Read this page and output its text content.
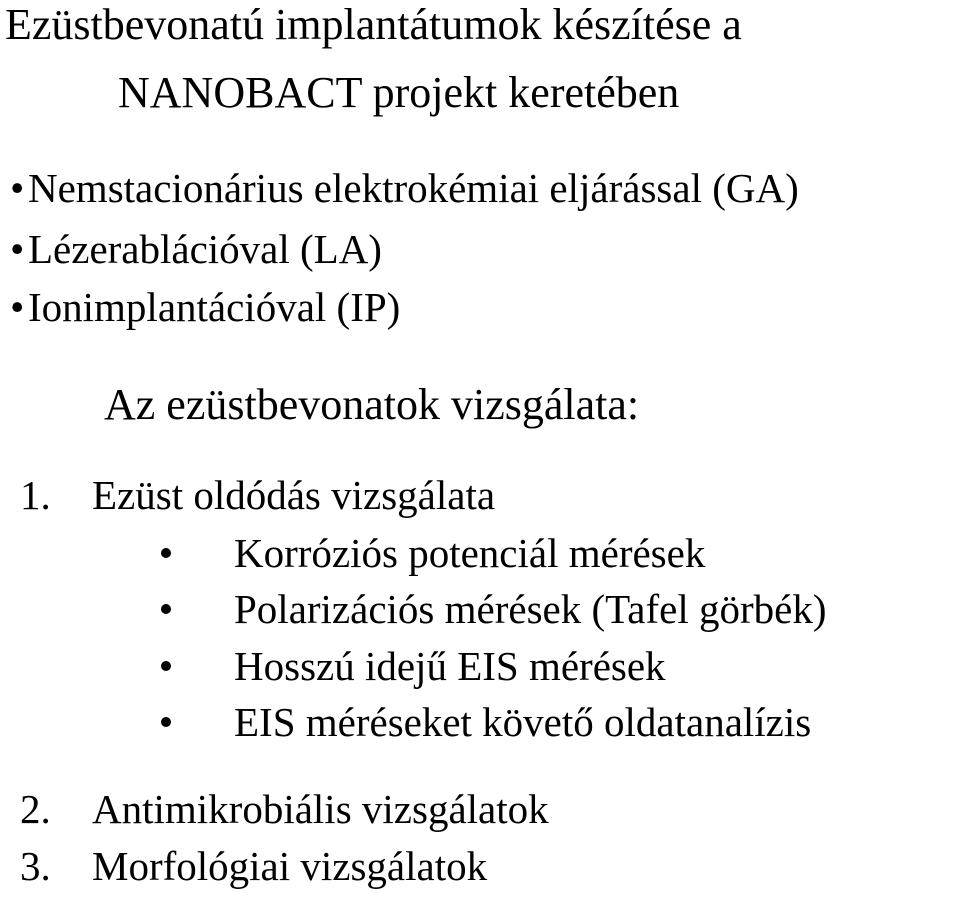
Ezüstbevonatú implantátumok készítése a
NANOBACT projekt keretében
• Nemstacionárius elektrokémiai eljárással (GA)
• Lézerablációval (LA)
• Ionimplantációval (IP)
Az ezüstbevonatok vizsgálata:
1. Ezüst oldódás vizsgálata
Korróziós potenciál mérések
Polarizációs mérések (Tafel görbék)
Hosszú idejű EIS mérések
EIS méréseket követő oldatanalízis
2. Antimikrobiális vizsgálatok
3. Morfológiai vizsgálatok
